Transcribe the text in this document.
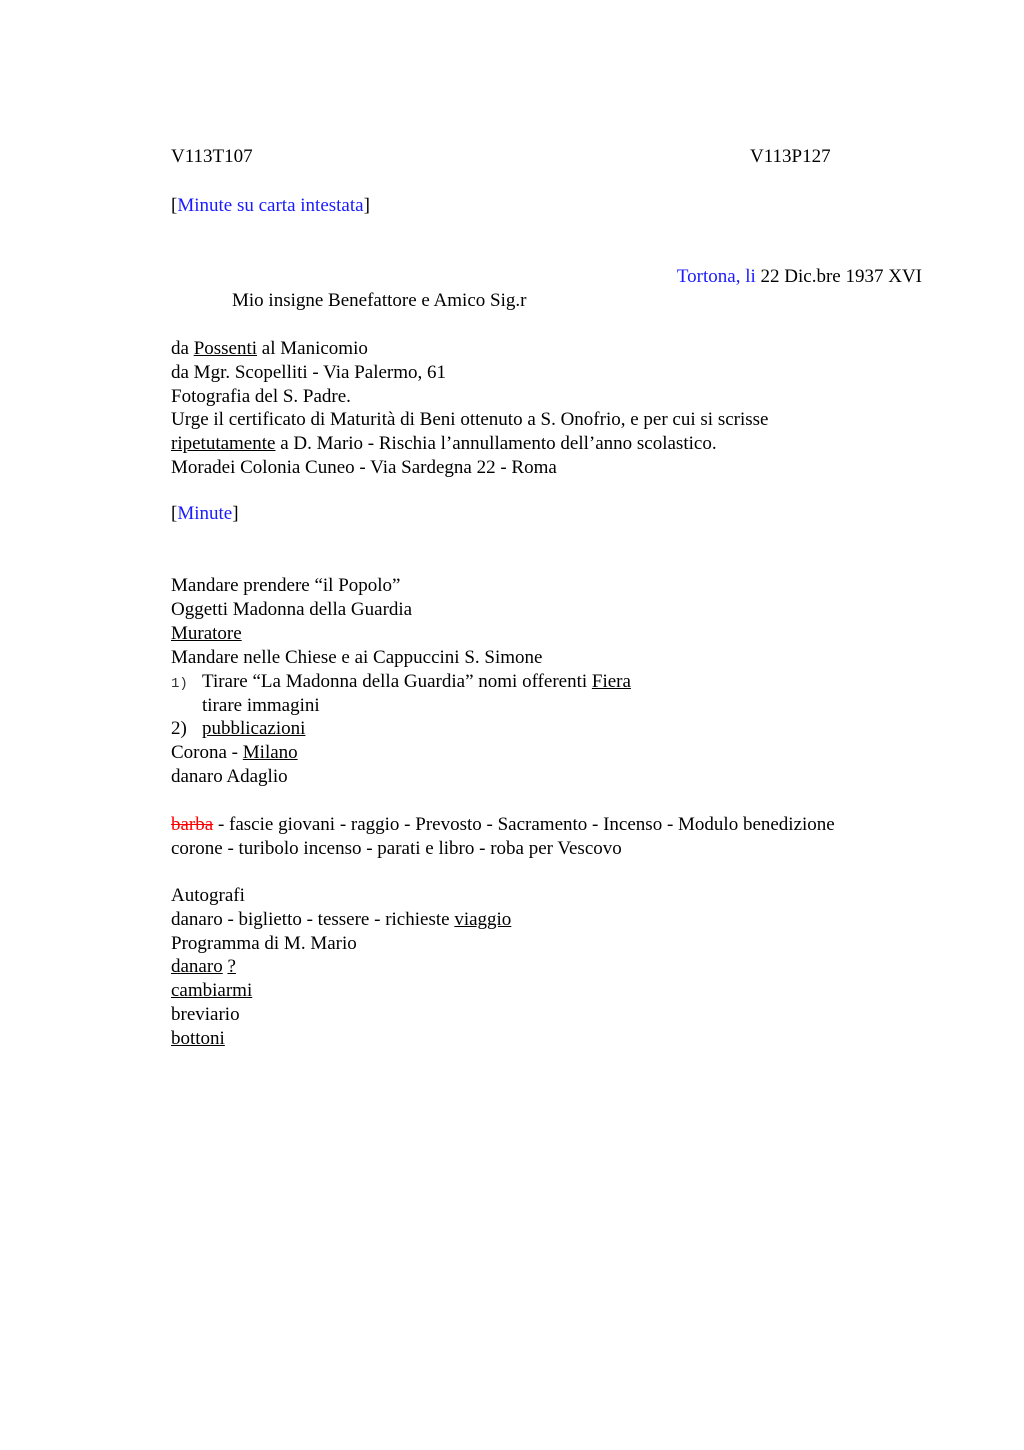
V113T107	V113P127
[Minute su carta intestata]
Tortona, li 22 Dic.bre 1937 XVI
Mio insigne Benefattore e Amico Sig.r
da Possenti al Manicomio
da Mgr. Scopelliti - Via Palermo, 61
Fotografia del S. Padre.
Urge il certificato di Maturità di Beni ottenuto a S. Onofrio, e per cui si scrisse
ripetutamente a D. Mario - Rischia l’annullamento dell’anno scolastico.
Moradei Colonia Cuneo - Via Sardegna 22 - Roma
[Minute]
Mandare prendere “il Popolo”
Oggetti Madonna della Guardia
Muratore
Mandare nelle Chiese e ai Cappuccini S. Simone
1) Tirare “La Madonna della Guardia” nomi offerenti Fiera
tirare immagini
2) pubblicazioni
Corona - Milano
danaro Adaglio
barba - fascie giovani - raggio - Prevosto - Sacramento - Incenso - Modulo benedizione
corone - turibolo incenso - parati e libro - roba per Vescovo
Autografi
danaro - biglietto - tessere - richieste viaggio
Programma di M. Mario
danaro ?
cambiarmi
breviario
bottoni
